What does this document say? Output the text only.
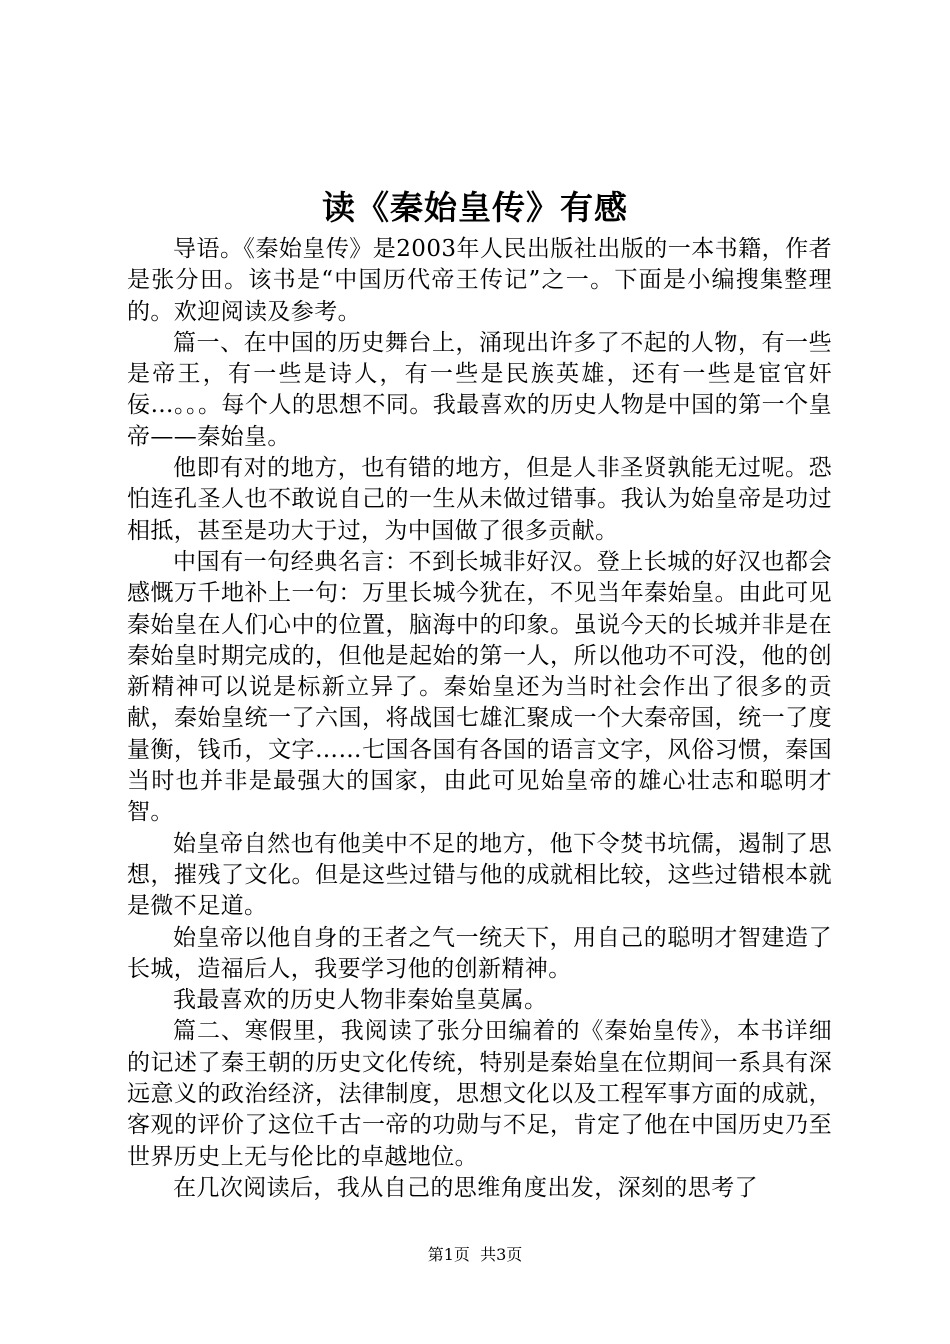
读《秦始皇传》有感

导语。《秦始皇传》是2003年人民出版社出版的一本书籍，作者是张分田。该书是“中国历代帝王传记”之一。下面是小编搜集整理的。欢迎阅读及参考。

篇一、在中国的历史舞台上，涌现出许多了不起的人物，有一些是帝王，有一些是诗人，有一些是民族英雄，还有一些是宦官奸佞…。。。每个人的思想不同。我最喜欢的历史人物是中国的第一个皇帝——秦始皇。

他即有对的地方，也有错的地方，但是人非圣贤孰能无过呢。恐怕连孔圣人也不敢说自己的一生从未做过错事。我认为始皇帝是功过相抵，甚至是功大于过，为中国做了很多贡献。

中国有一句经典名言：不到长城非好汉。登上长城的好汉也都会感慨万千地补上一句：万里长城今犹在，不见当年秦始皇。由此可见秦始皇在人们心中的位置，脑海中的印象。虽说今天的长城并非是在秦始皇时期完成的，但他是起始的第一人，所以他功不可没，他的创新精神可以说是标新立异了。秦始皇还为当时社会作出了很多的贡献，秦始皇统一了六国，将战国七雄汇聚成一个大秦帝国，统一了度量衡，钱币，文字……七国各国有各国的语言文字，风俗习惯，秦国当时也并非是最强大的国家，由此可见始皇帝的雄心壮志和聪明才智。

始皇帝自然也有他美中不足的地方，他下令焚书坑儒，遏制了思想，摧残了文化。但是这些过错与他的成就相比较，这些过错根本就是微不足道。

始皇帝以他自身的王者之气一统天下，用自己的聪明才智建造了长城，造福后人，我要学习他的创新精神。

我最喜欢的历史人物非秦始皇莫属。

篇二、寒假里，我阅读了张分田编着的《秦始皇传》，本书详细的记述了秦王朝的历史文化传统，特别是秦始皇在位期间一系具有深远意义的政治经济，法律制度，思想文化以及工程军事方面的成就，客观的评价了这位千古一帝的功勋与不足，肯定了他在中国历史乃至世界历史上无与伦比的卓越地位。

在几次阅读后，我从自己的思维角度出发，深刻的思考了

第1页 共3页
